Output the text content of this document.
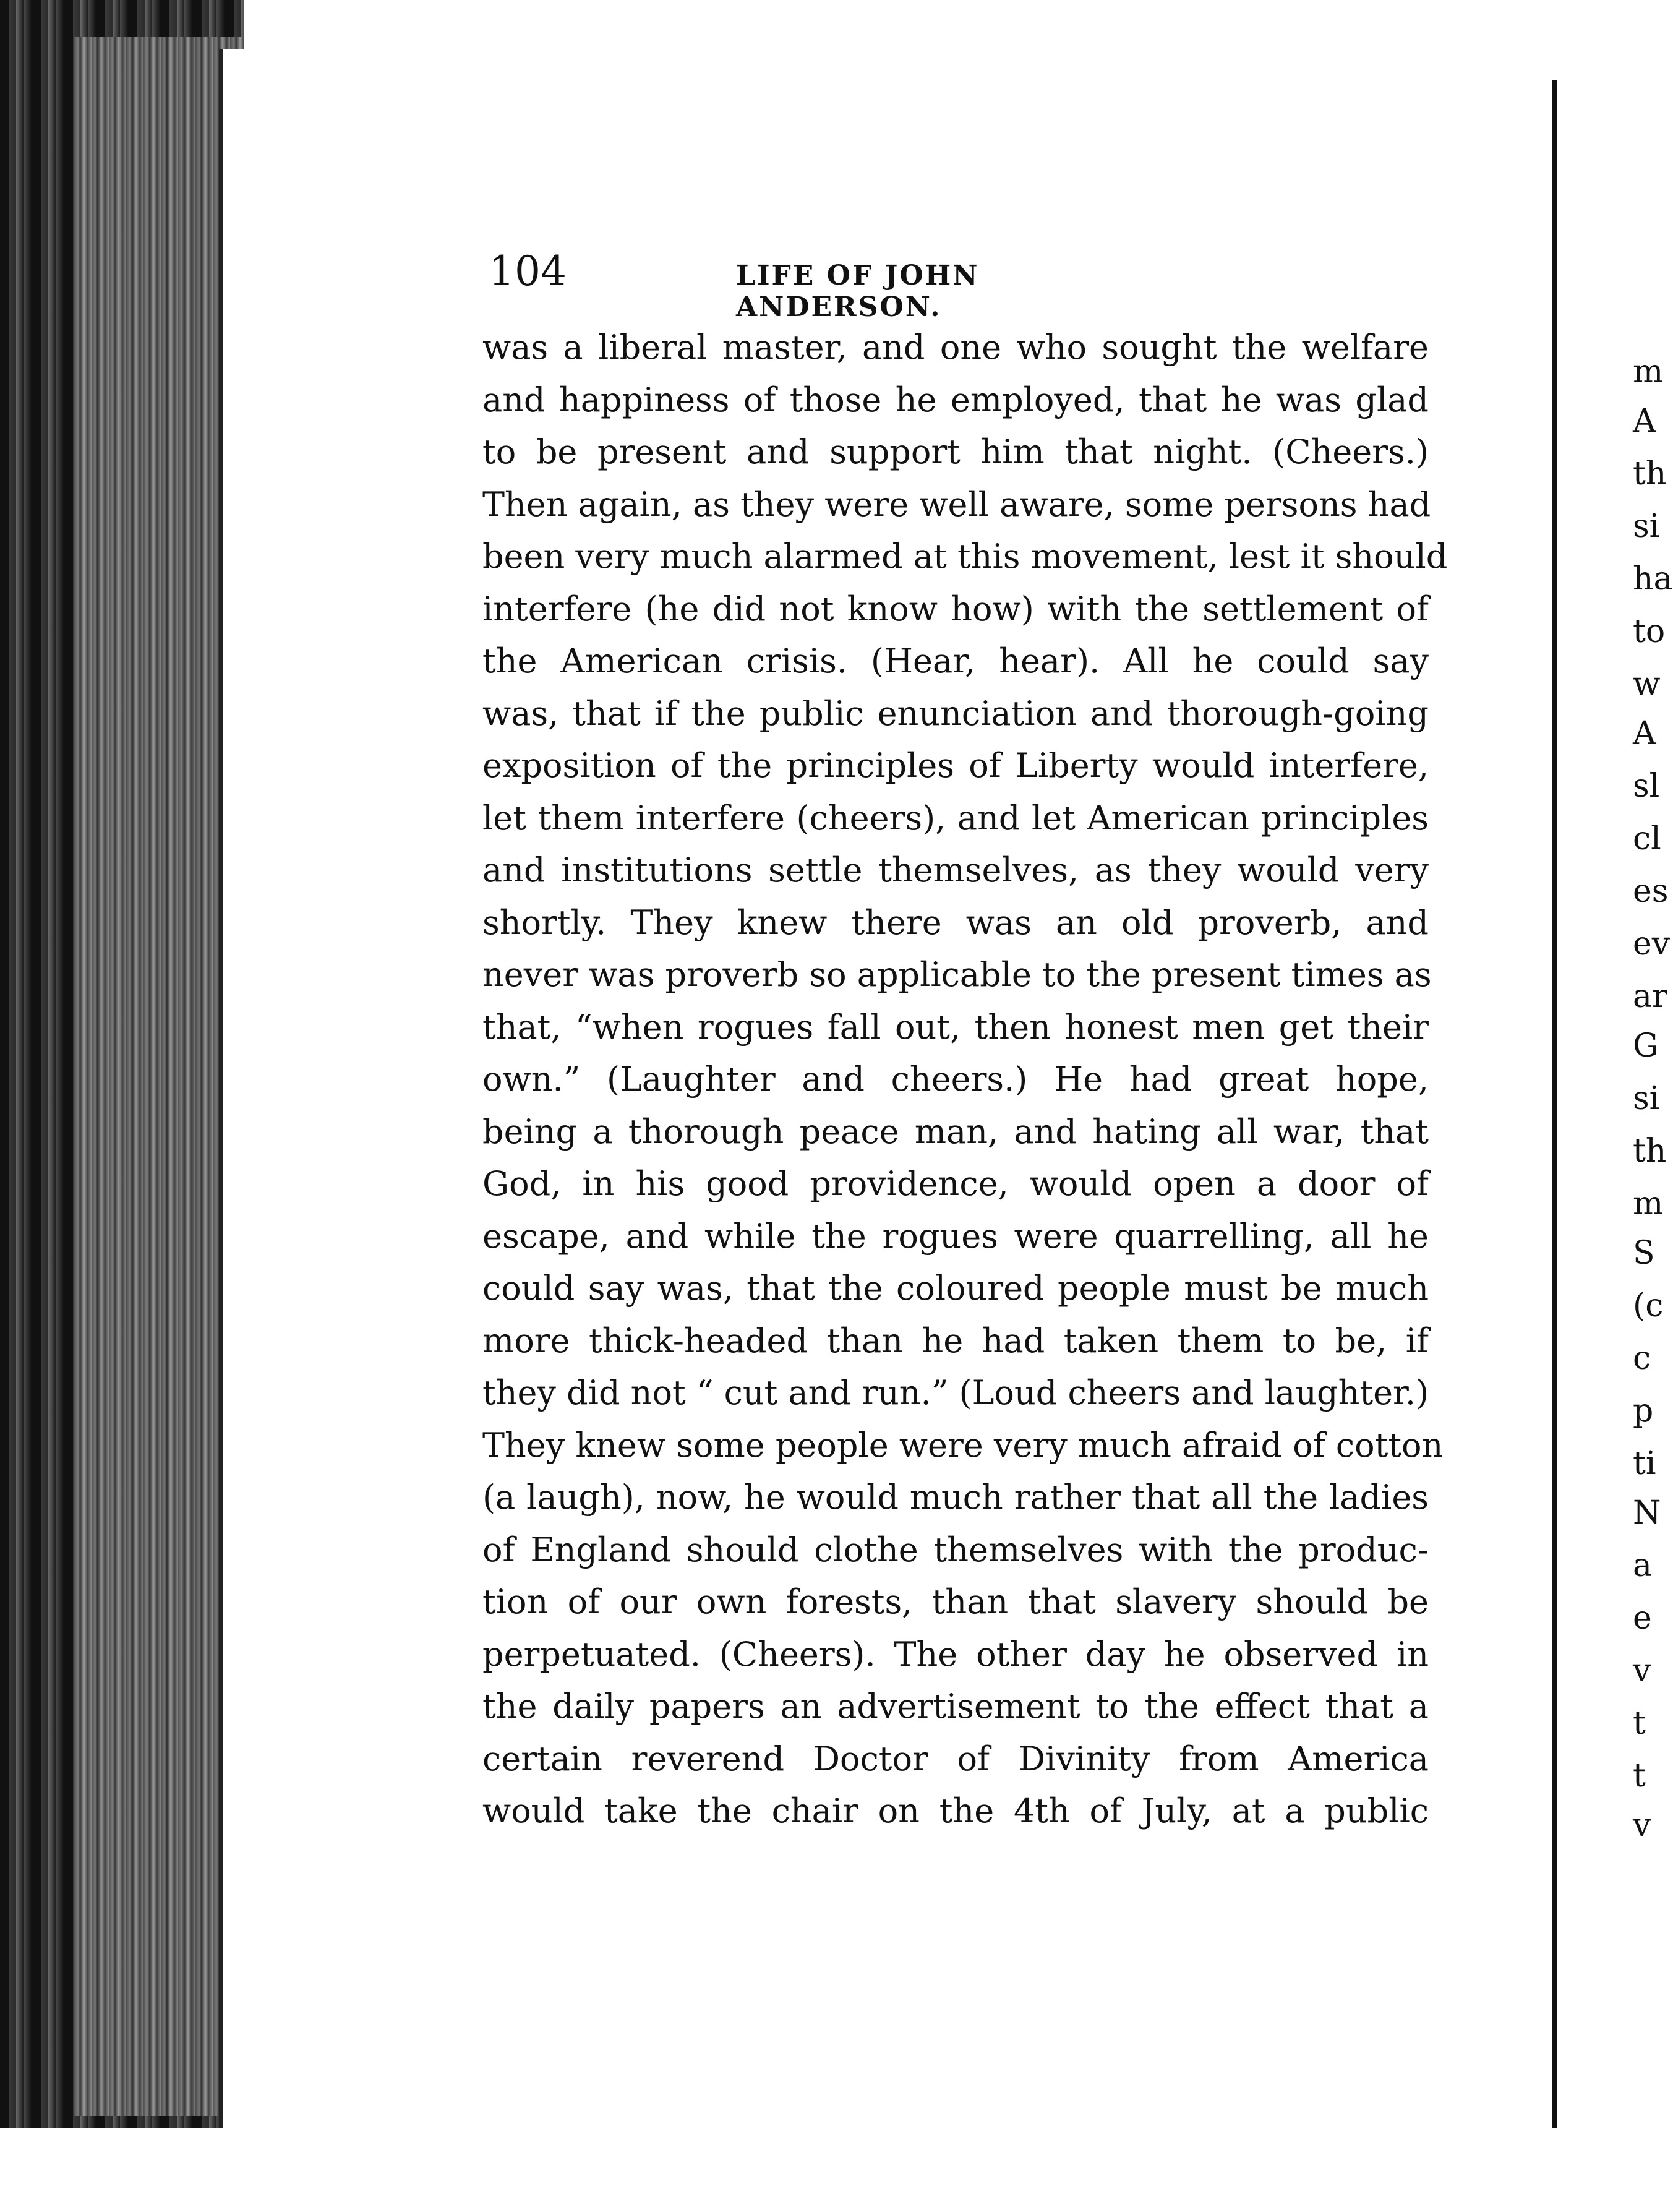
m
A
th
si
ha
to
w
A
sl
cl
es
ev
ar
G
si
th
m
S
(c
c
p
ti
N
a
e
v
t
t
v
104	LIFE OF JOHN ANDERSON.
was a liberal master, and one who sought the welfare
and happiness of those he employed, that he was glad
to be present and support him that night. (Cheers.)
Then again, as they were well aware, some persons had
been very much alarmed at this movement, lest it should
interfere (he did not know how) with the settlement of
the American crisis. (Hear, hear). All he could say
was, that if the public enunciation and thorough-going
exposition of the principles of Liberty would interfere,
let them interfere (cheers), and let American principles
and institutions settle themselves, as they would very
shortly. They knew there was an old proverb, and
never was proverb so applicable to the present times as
that, “when rogues fall out, then honest men get their
own.” (Laughter and cheers.) He had great hope,
being a thorough peace man, and hating all war, that
God, in his good providence, would open a door of
escape, and while the rogues were quarrelling, all he
could say was, that the coloured people must be much
more thick-headed than he had taken them to be, if
they did not “ cut and run.” (Loud cheers and laughter.)
They knew some people were very much afraid of cotton
(a laugh), now, he would much rather that all the ladies
of England should clothe themselves with the produc-
tion of our own forests, than that slavery should be
perpetuated. (Cheers). The other day he observed in
the daily papers an advertisement to the effect that a
certain reverend Doctor of Divinity from America
would take the chair on the 4th of July, at a public
